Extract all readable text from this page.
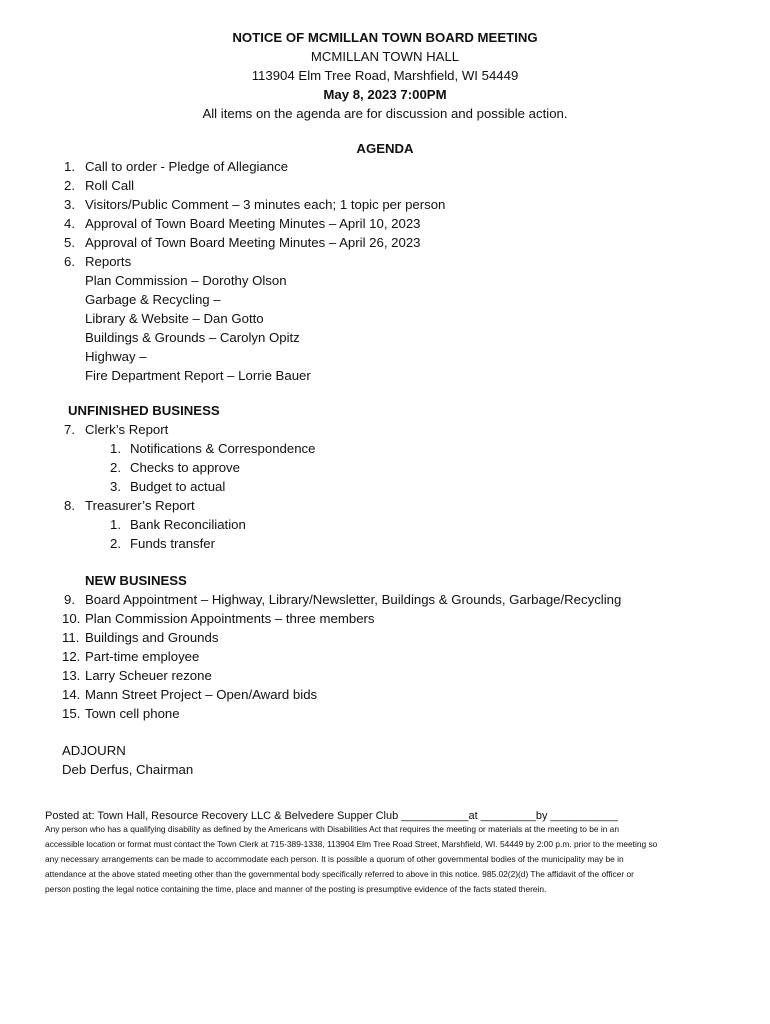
NOTICE OF MCMILLAN TOWN BOARD MEETING
MCMILLAN TOWN HALL
113904 Elm Tree Road, Marshfield, WI 54449
May 8, 2023 7:00PM
All items on the agenda are for discussion and possible action.
AGENDA
1. Call to order - Pledge of Allegiance
2. Roll Call
3. Visitors/Public Comment – 3 minutes each; 1 topic per person
4. Approval of Town Board Meeting Minutes – April 10, 2023
5. Approval of Town Board Meeting Minutes – April 26, 2023
6. Reports
Plan Commission – Dorothy Olson
Garbage & Recycling –
Library & Website – Dan Gotto
Buildings & Grounds – Carolyn Opitz
Highway –
Fire Department Report – Lorrie Bauer
UNFINISHED BUSINESS
7. Clerk’s Report
1. Notifications & Correspondence
2. Checks to approve
3. Budget to actual
8. Treasurer’s Report
1. Bank Reconciliation
2. Funds transfer
NEW BUSINESS
9. Board Appointment – Highway, Library/Newsletter, Buildings & Grounds, Garbage/Recycling
10. Plan Commission Appointments – three members
11. Buildings and Grounds
12. Part-time employee
13. Larry Scheuer rezone
14. Mann Street Project – Open/Award bids
15. Town cell phone
ADJOURN
Deb Derfus, Chairman
Posted at: Town Hall, Resource Recovery LLC & Belvedere Supper Club ___________at _________by ___________
Any person who has a qualifying disability as defined by the Americans with Disabilities Act that requires the meeting or materials at the meeting to be in an
accessible location or format must contact the Town Clerk at 715-389-1338, 113904 Elm Tree Road Street, Marshfield, WI. 54449 by 2:00 p.m. prior to the meeting so
any necessary arrangements can be made to accommodate each person. It is possible a quorum of other governmental bodies of the municipality may be in
attendance at the above stated meeting other than the governmental body specifically referred to above in this notice. 985.02(2)(d) The affidavit of the officer or
person posting the legal notice containing the time, place and manner of the posting is presumptive evidence of the facts stated therein.
